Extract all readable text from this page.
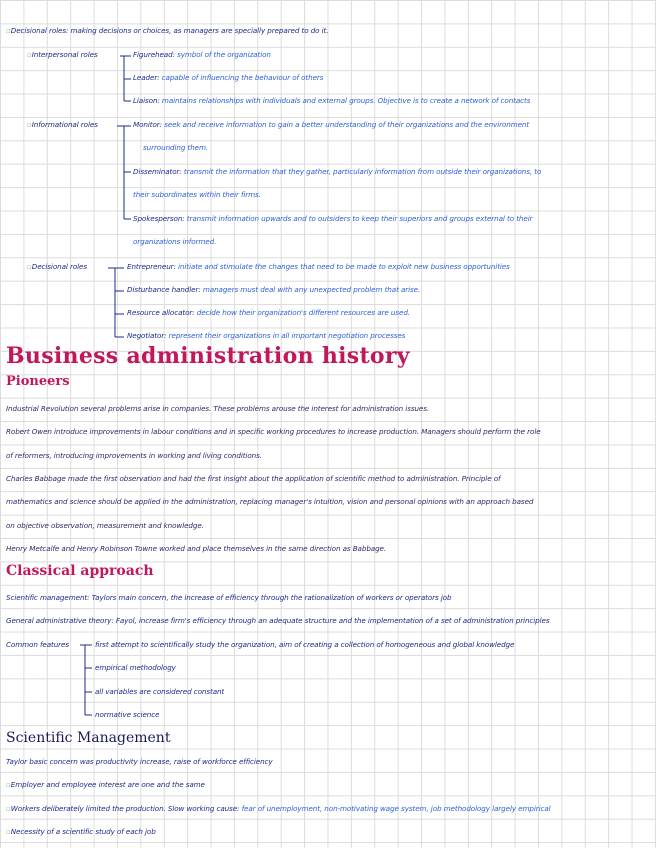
▫Decisional roles: making decisions or choices, as managers are specially prepared to do it.
▫Interpersonal roles	Figurehead: symbol of the organization
Leader: capable of influencing the behaviour of others
Liaison: maintains relationships with individuals and external groups. Objective is to create a network of contacts
▫Informational roles	Monitor: seek and receive information to gain a better understanding of their organizations and the environment
surrounding them.
Disseminator: transmit the information that they gather, particularly information from outside their organizations, to
their subordinates within their firms.
Spokesperson: transmit information upwards and to outsiders to keep their superiors and groups external to their
organizations informed.
▫Decisional roles	Entrepreneur: initiate and stimulate the changes that need to be made to exploit new business opportunities
Disturbance handler: managers must deal with any unexpected problem that arise.
Resource allocator: decide how their organization's different resources are used.
Negotiator: represent their organizations in all important negotiation processes
Business administration history
Pioneers
Industrial Revolution several problems arise in companies. These problems arouse the interest for administration issues.
Robert Owen introduce improvements in labour conditions and in specific working procedures to increase production. Managers should perform the role
of reformers, introducing improvements in working and living conditions.
Charles Babbage made the first observation and had the first insight about the application of scientific method to administration. Principle of
mathematics and science should be applied in the administration, replacing manager's intuition, vision and personal opinions with an approach based
on objective observation, measurement and knowledge.
Henry Metcalfe and Henry Robinson Towne worked and place themselves in the same direction as Babbage.
Classical approach
Scientific management: Taylors main concern, the increase of efficiency through the rationalization of workers or operators job
General administrative theory: Fayol, increase firm's efficiency through an adequate structure and the implementation of a set of administration principles
Common features	first attempt to scientifically study the organization, aim of creating a collection of homogeneous and global knowledge
empirical methodology
all variables are considered constant
normative science
Scientific Management
Taylor basic concern was productivity increase, raise of workforce efficiency
▫Employer and employee interest are one and the same
▫Workers deliberately limited the production. Slow working cause: fear of unemployment, non-motivating wage system, job methodology largely empirical
▫Necessity of a scientific study of each job
